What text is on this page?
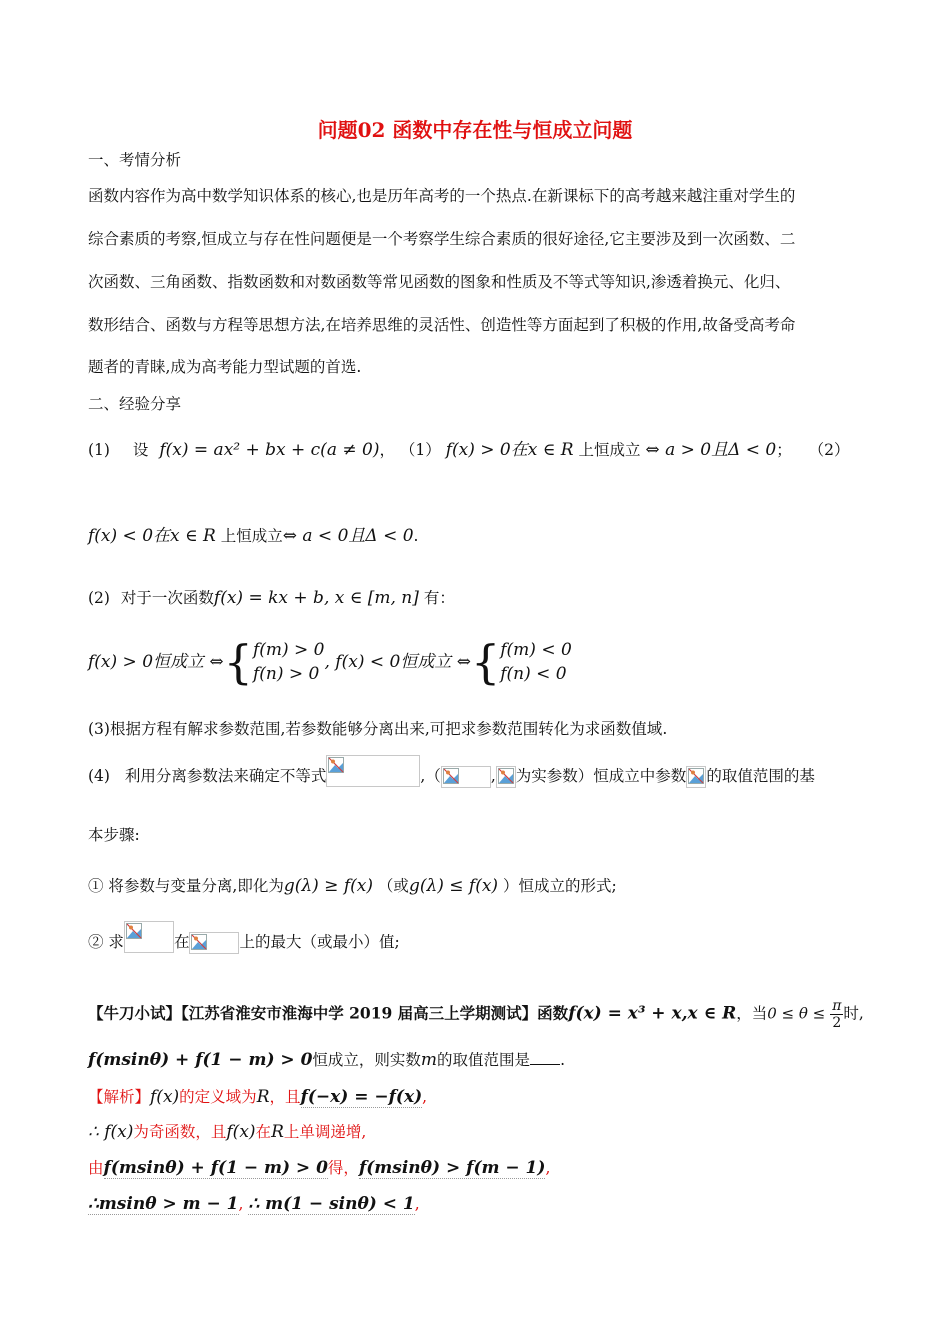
问题02 函数中存在性与恒成立问题
一、考情分析
函数内容作为高中数学知识体系的核心,也是历年高考的一个热点.在新课标下的高考越来越注重对学生的
综合素质的考察,恒成立与存在性问题便是一个考察学生综合素质的很好途径,它主要涉及到一次函数、二
次函数、三角函数、指数函数和对数函数等常见函数的图象和性质及不等式等知识,渗透着换元、化归、
数形结合、函数与方程等思想方法,在培养思维的灵活性、创造性等方面起到了积极的作用,故备受高考命
题者的青睐,成为高考能力型试题的首选.
二、经验分享
(1) 设 f(x) = ax² + bx + c(a ≠ 0)， （1） f(x) > 0在x ∈ R 上恒成立 ⇔ a > 0且Δ < 0； （2）
f(x) < 0在x ∈ R 上恒成立⇔ a < 0且Δ < 0.
(2) 对于一次函数f(x) = kx + b, x ∈ [m, n] 有：
f(x) > 0恒成立 ⇔{ f(m) > 0
f(n) > 0
, f(x) < 0恒成立 ⇔{ f(m) < 0
f(n) < 0
(3)根据方程有解求参数范围,若参数能够分离出来,可把求参数范围转化为求函数值域.
(4) 利用分离参数法来确定不等式	,（	, 为实参数）恒成立中参数 的取值范围的基
本步骤:
① 将参数与变量分离,即化为g(λ) ≥ f(x) （或g(λ) ≤ f(x) ）恒成立的形式;
② 求	在	上的最大（或最小）值;
【牛刀小试】【江苏省淮安市淮海中学 2019 届高三上学期测试】函数f(x) = x³ + x,x ∈ R，当$0 \le \theta \le \frac{\pi}{2}$ 时,
f(msinθ) + f(1 − m) > 0恒成立，则实数m的取值范围是 .
【解析】f(x)的定义域为R，且f(−x) = −f(x),
∴ f(x)为奇函数，且f(x)在R上单调递增,
由f(msinθ) + f(1 − m) > 0得，f(msinθ) > f(m − 1),
∴msinθ > m − 1, ∴ m(1 − sinθ) < 1,
